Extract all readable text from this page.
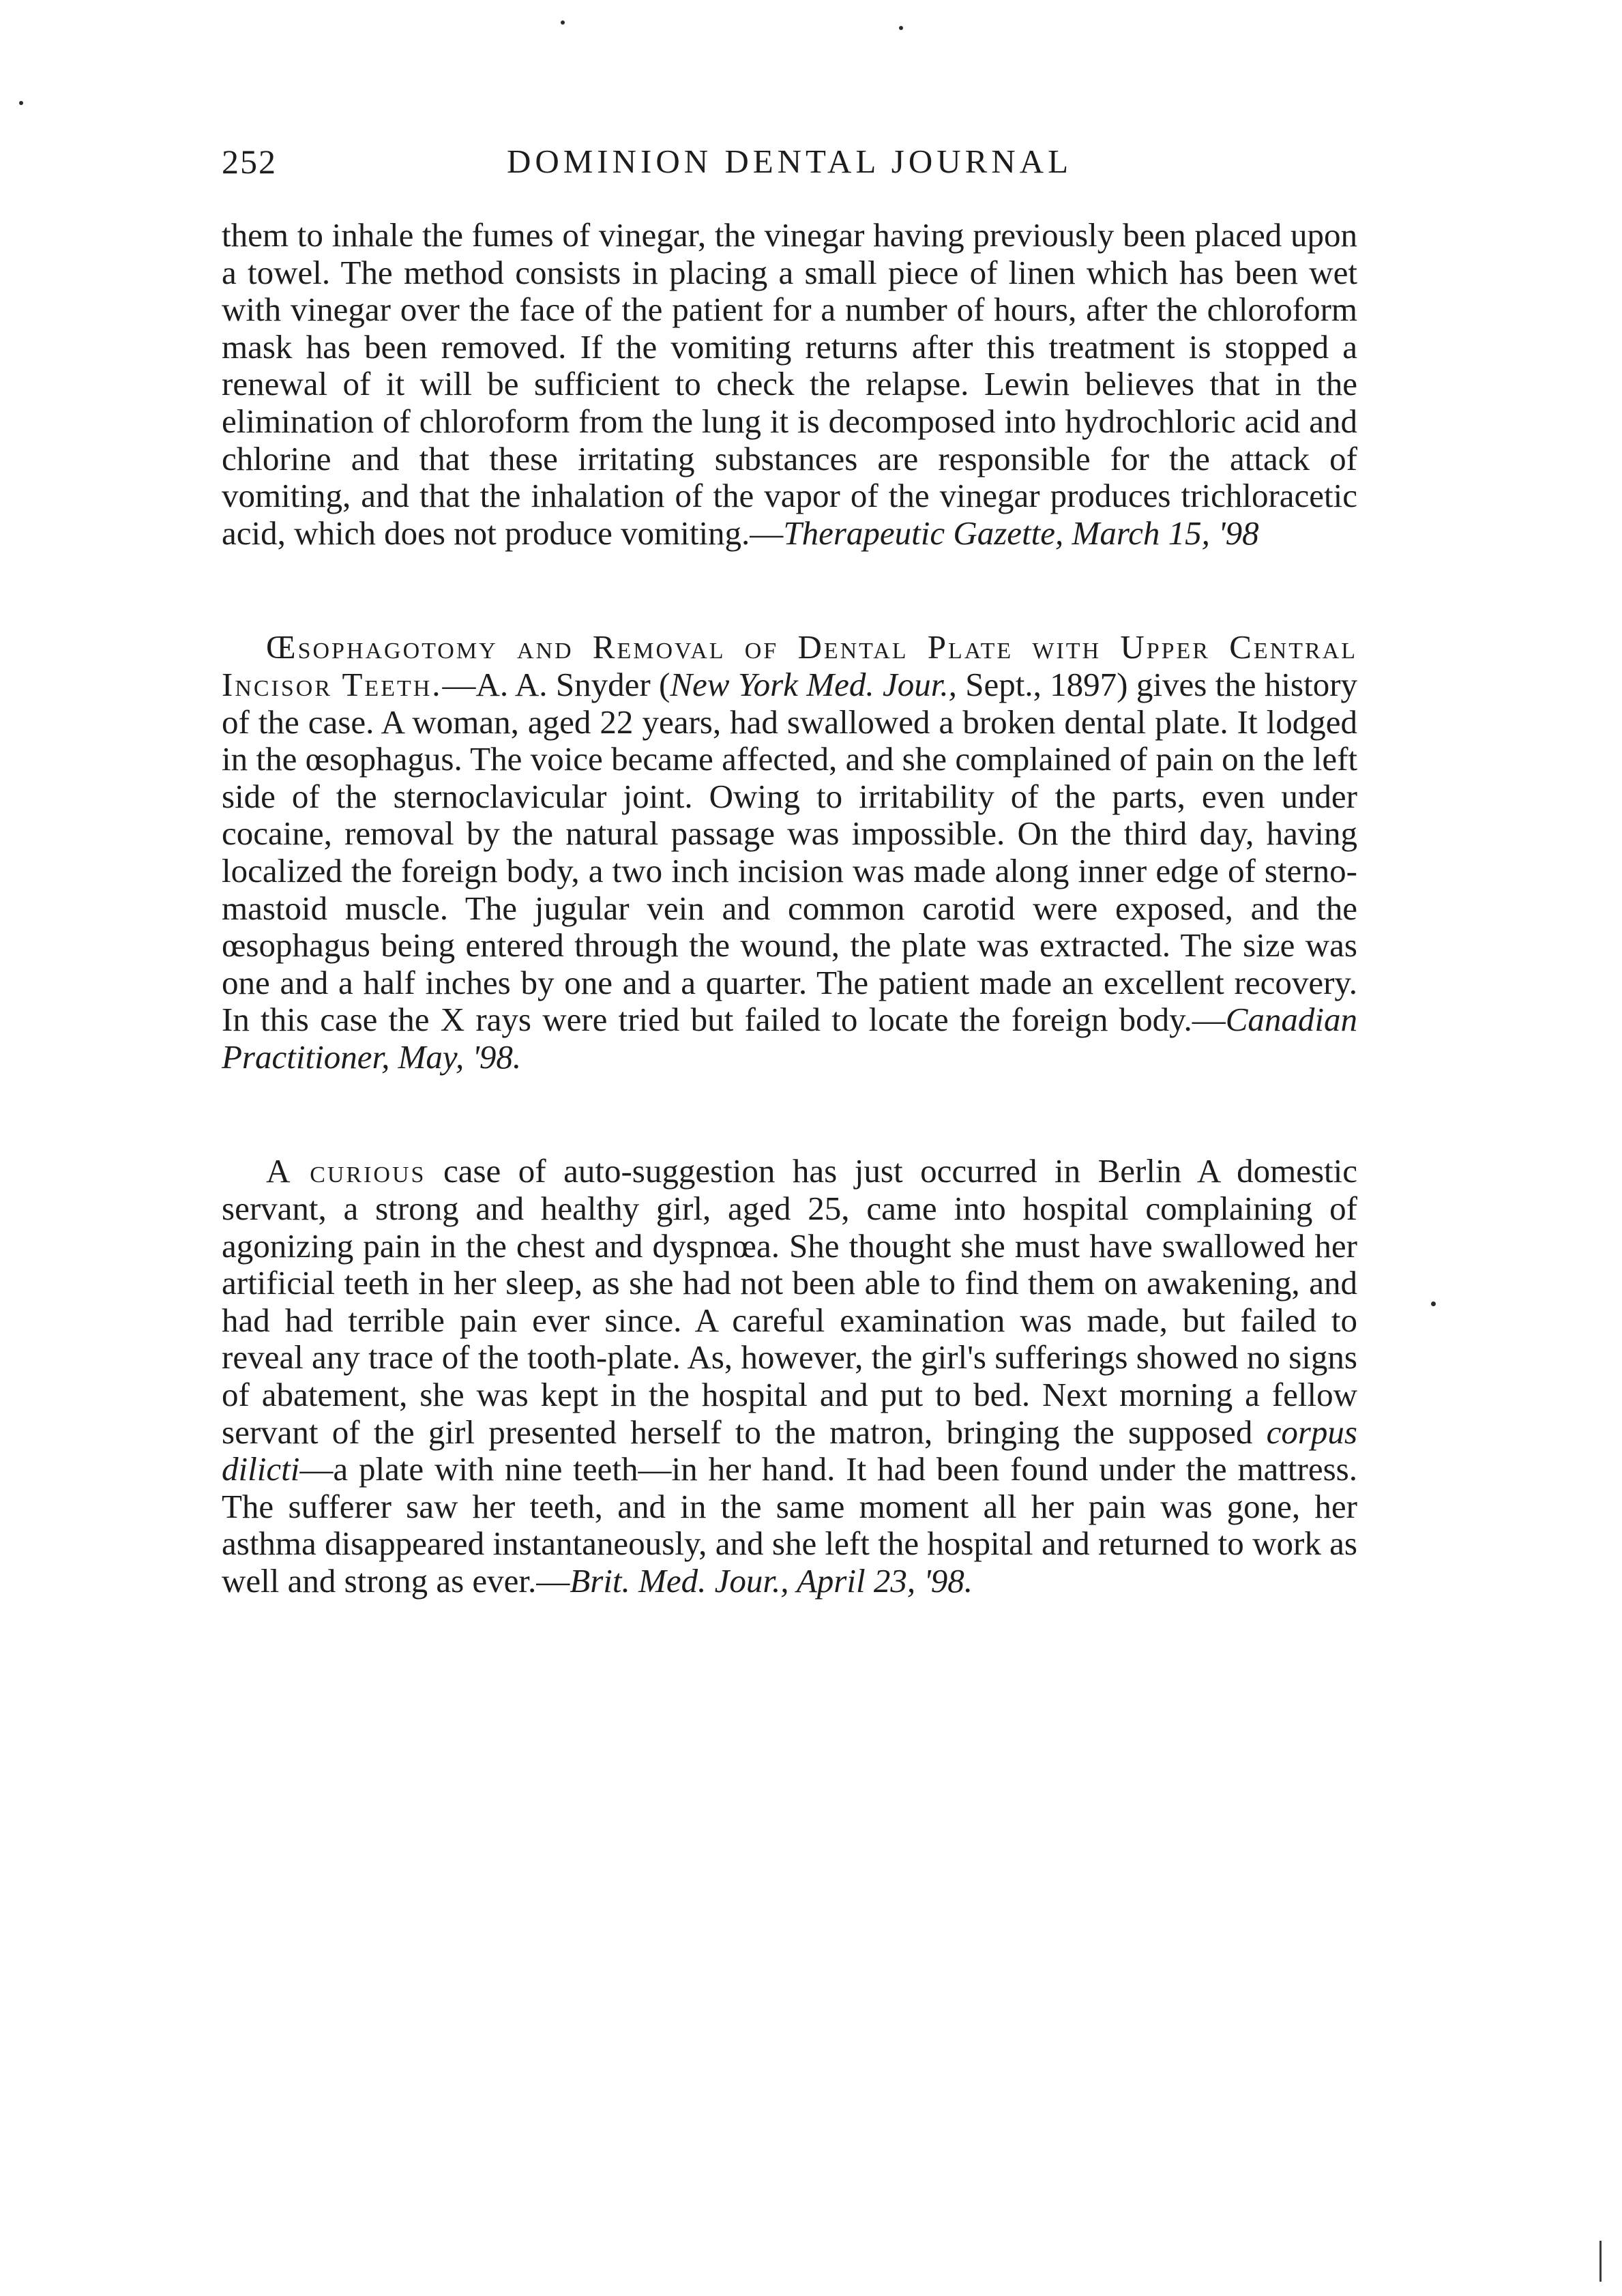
252	DOMINION DENTAL JOURNAL

them to inhale the fumes of vinegar, the vinegar having previously been placed upon a towel. The method consists in placing a small piece of linen which has been wet with vinegar over the face of the patient for a number of hours, after the chloroform mask has been removed. If the vomiting returns after this treatment is stopped a renewal of it will be sufficient to check the relapse. Lewin believes that in the elimination of chloroform from the lung it is decomposed into hydrochloric acid and chlorine and that these irritating substances are responsible for the attack of vomiting, and that the inhalation of the vapor of the vinegar produces trichloracetic acid, which does not produce vomiting.—Therapeutic Gazette, March 15, '98

Œsophagotomy and Removal of Dental Plate with Upper Central Incisor Teeth.—A. A. Snyder (New York Med. Jour., Sept., 1897) gives the history of the case. A woman, aged 22 years, had swallowed a broken dental plate. It lodged in the œsophagus. The voice became affected, and she complained of pain on the left side of the sternoclavicular joint. Owing to irritability of the parts, even under cocaine, removal by the natural passage was impossible. On the third day, having localized the foreign body, a two inch incision was made along inner edge of sterno-mastoid muscle. The jugular vein and common carotid were exposed, and the œsophagus being entered through the wound, the plate was extracted. The size was one and a half inches by one and a quarter. The patient made an excellent recovery. In this case the X rays were tried but failed to locate the foreign body.—Canadian Practitioner, May, '98.

A curious case of auto-suggestion has just occurred in Berlin A domestic servant, a strong and healthy girl, aged 25, came into hospital complaining of agonizing pain in the chest and dyspnœa. She thought she must have swallowed her artificial teeth in her sleep, as she had not been able to find them on awakening, and had had terrible pain ever since. A careful examination was made, but failed to reveal any trace of the tooth-plate. As, however, the girl's sufferings showed no signs of abatement, she was kept in the hospital and put to bed. Next morning a fellow servant of the girl presented herself to the matron, bringing the supposed corpus dilicti—a plate with nine teeth—in her hand. It had been found under the mattress. The sufferer saw her teeth, and in the same moment all her pain was gone, her asthma disappeared instantaneously, and she left the hospital and returned to work as well and strong as ever.—Brit. Med. Jour., April 23, '98.
